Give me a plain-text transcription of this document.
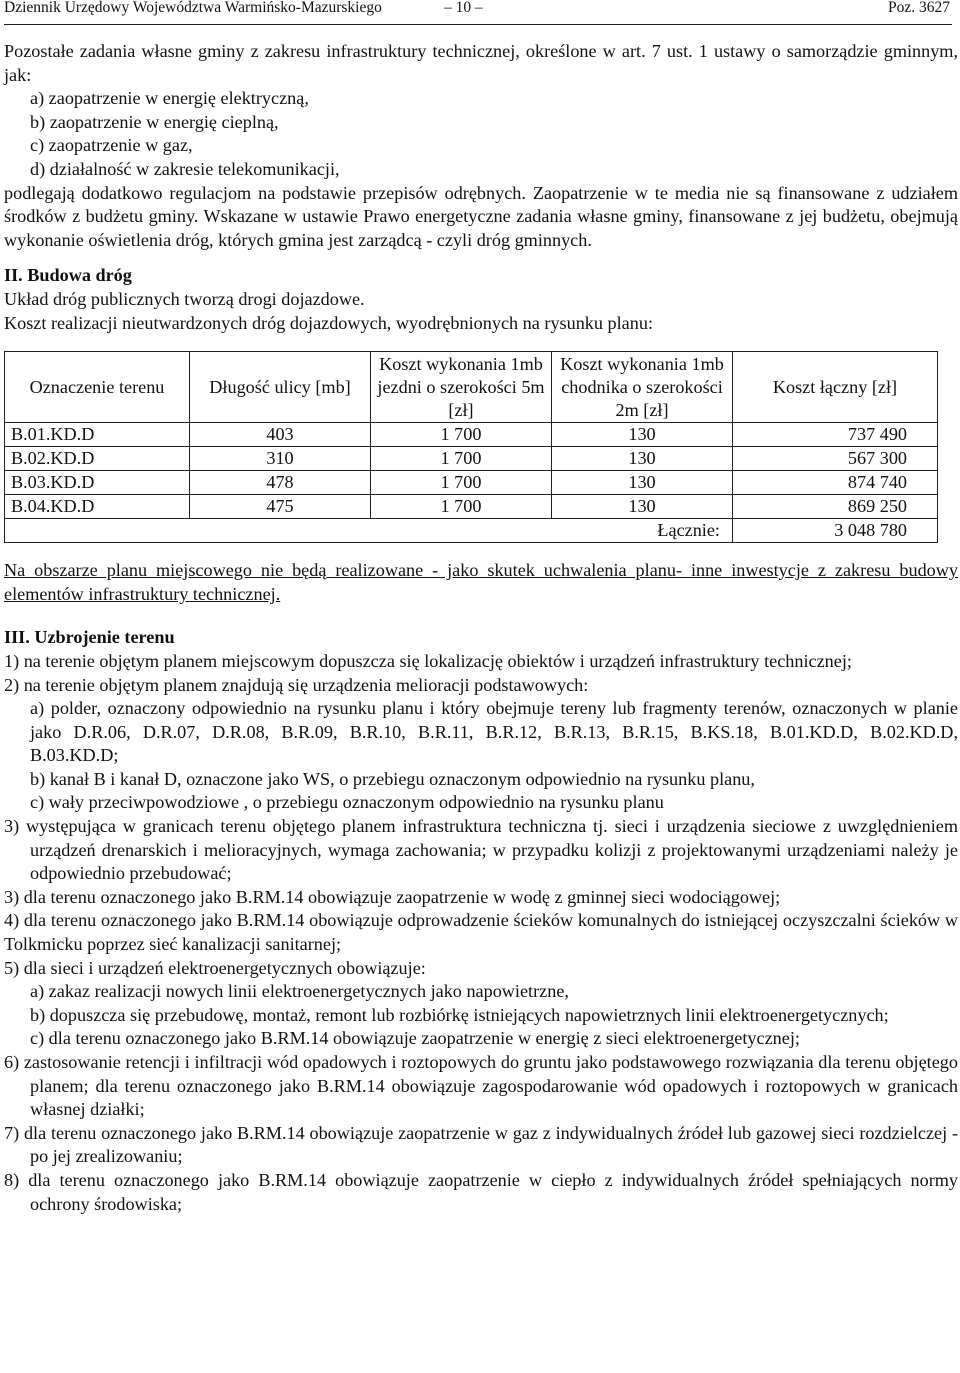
Dziennik Urzędowy Województwa Warmińsko-Mazurskiego	– 10 –	Poz. 3627

Pozostałe zadania własne gminy z zakresu infrastruktury technicznej, określone w art. 7 ust. 1 ustawy o samorządzie gminnym, jak:

a) zaopatrzenie w energię elektryczną,

b) zaopatrzenie w energię cieplną,

c) zaopatrzenie w gaz,

d) działalność w zakresie telekomunikacji,

podlegają dodatkowo regulacjom na podstawie przepisów odrębnych. Zaopatrzenie w te media nie są finansowane z udziałem środków z budżetu gminy. Wskazane w ustawie Prawo energetyczne zadania własne gminy, finansowane z jej budżetu, obejmują wykonanie oświetlenia dróg, których gmina jest zarządcą - czyli dróg gminnych.

II. Budowa dróg

Układ dróg publicznych tworzą drogi dojazdowe.

Koszt realizacji nieutwardzonych dróg dojazdowych, wyodrębnionych na rysunku planu:

Oznaczenie terenu	Długość ulicy [mb]	Koszt wykonania 1mb jezdni o szerokości 5m [zł]	Koszt wykonania 1mb chodnika o szerokości 2m [zł]	Koszt łączny [zł]
B.01.KD.D	403	1 700	130	737 490
B.02.KD.D	310	1 700	130	567 300
B.03.KD.D	478	1 700	130	874 740
B.04.KD.D	475	1 700	130	869 250
		Łącznie:		3 048 780

Na obszarze planu miejscowego nie będą realizowane - jako skutek uchwalenia planu- inne inwestycje z zakresu budowy elementów infrastruktury technicznej.

III. Uzbrojenie terenu

1) na terenie objętym planem miejscowym dopuszcza się lokalizację obiektów i urządzeń infrastruktury technicznej;

2) na terenie objętym planem znajdują się urządzenia melioracji podstawowych:

a) polder, oznaczony odpowiednio na rysunku planu i który obejmuje tereny lub fragmenty terenów, oznaczonych w planie jako D.R.06, D.R.07, D.R.08, B.R.09, B.R.10, B.R.11, B.R.12, B.R.13, B.R.15, B.KS.18, B.01.KD.D, B.02.KD.D, B.03.KD.D;

b) kanał B i kanał D, oznaczone jako WS, o przebiegu oznaczonym odpowiednio na rysunku planu,

c) wały przeciwpowodziowe , o przebiegu oznaczonym odpowiednio na rysunku planu

3) występująca w granicach terenu objętego planem infrastruktura techniczna tj. sieci i urządzenia sieciowe z uwzględnieniem urządzeń drenarskich i melioracyjnych, wymaga zachowania; w przypadku kolizji z projektowanymi urządzeniami należy je odpowiednio przebudować;

3) dla terenu oznaczonego jako B.RM.14 obowiązuje zaopatrzenie w wodę z gminnej sieci wodociągowej;

4) dla terenu oznaczonego jako B.RM.14 obowiązuje odprowadzenie ścieków komunalnych do istniejącej oczyszczalni ścieków w Tolkmicku poprzez sieć kanalizacji sanitarnej;

5) dla sieci i urządzeń elektroenergetycznych obowiązuje:

a) zakaz realizacji nowych linii elektroenergetycznych jako napowietrzne,

b) dopuszcza się przebudowę, montaż, remont lub rozbiórkę istniejących napowietrznych linii elektroenergetycznych;

c) dla terenu oznaczonego jako B.RM.14 obowiązuje zaopatrzenie w energię z sieci elektroenergetycznej;

6) zastosowanie retencji i infiltracji wód opadowych i roztopowych do gruntu jako podstawowego rozwiązania dla terenu objętego planem; dla terenu oznaczonego jako B.RM.14 obowiązuje zagospodarowanie wód opadowych i roztopowych w granicach własnej działki;

7) dla terenu oznaczonego jako B.RM.14 obowiązuje zaopatrzenie w gaz z indywidualnych źródeł lub gazowej sieci rozdzielczej - po jej zrealizowaniu;

8) dla terenu oznaczonego jako B.RM.14 obowiązuje zaopatrzenie w ciepło z indywidualnych źródeł spełniających normy ochrony środowiska;
